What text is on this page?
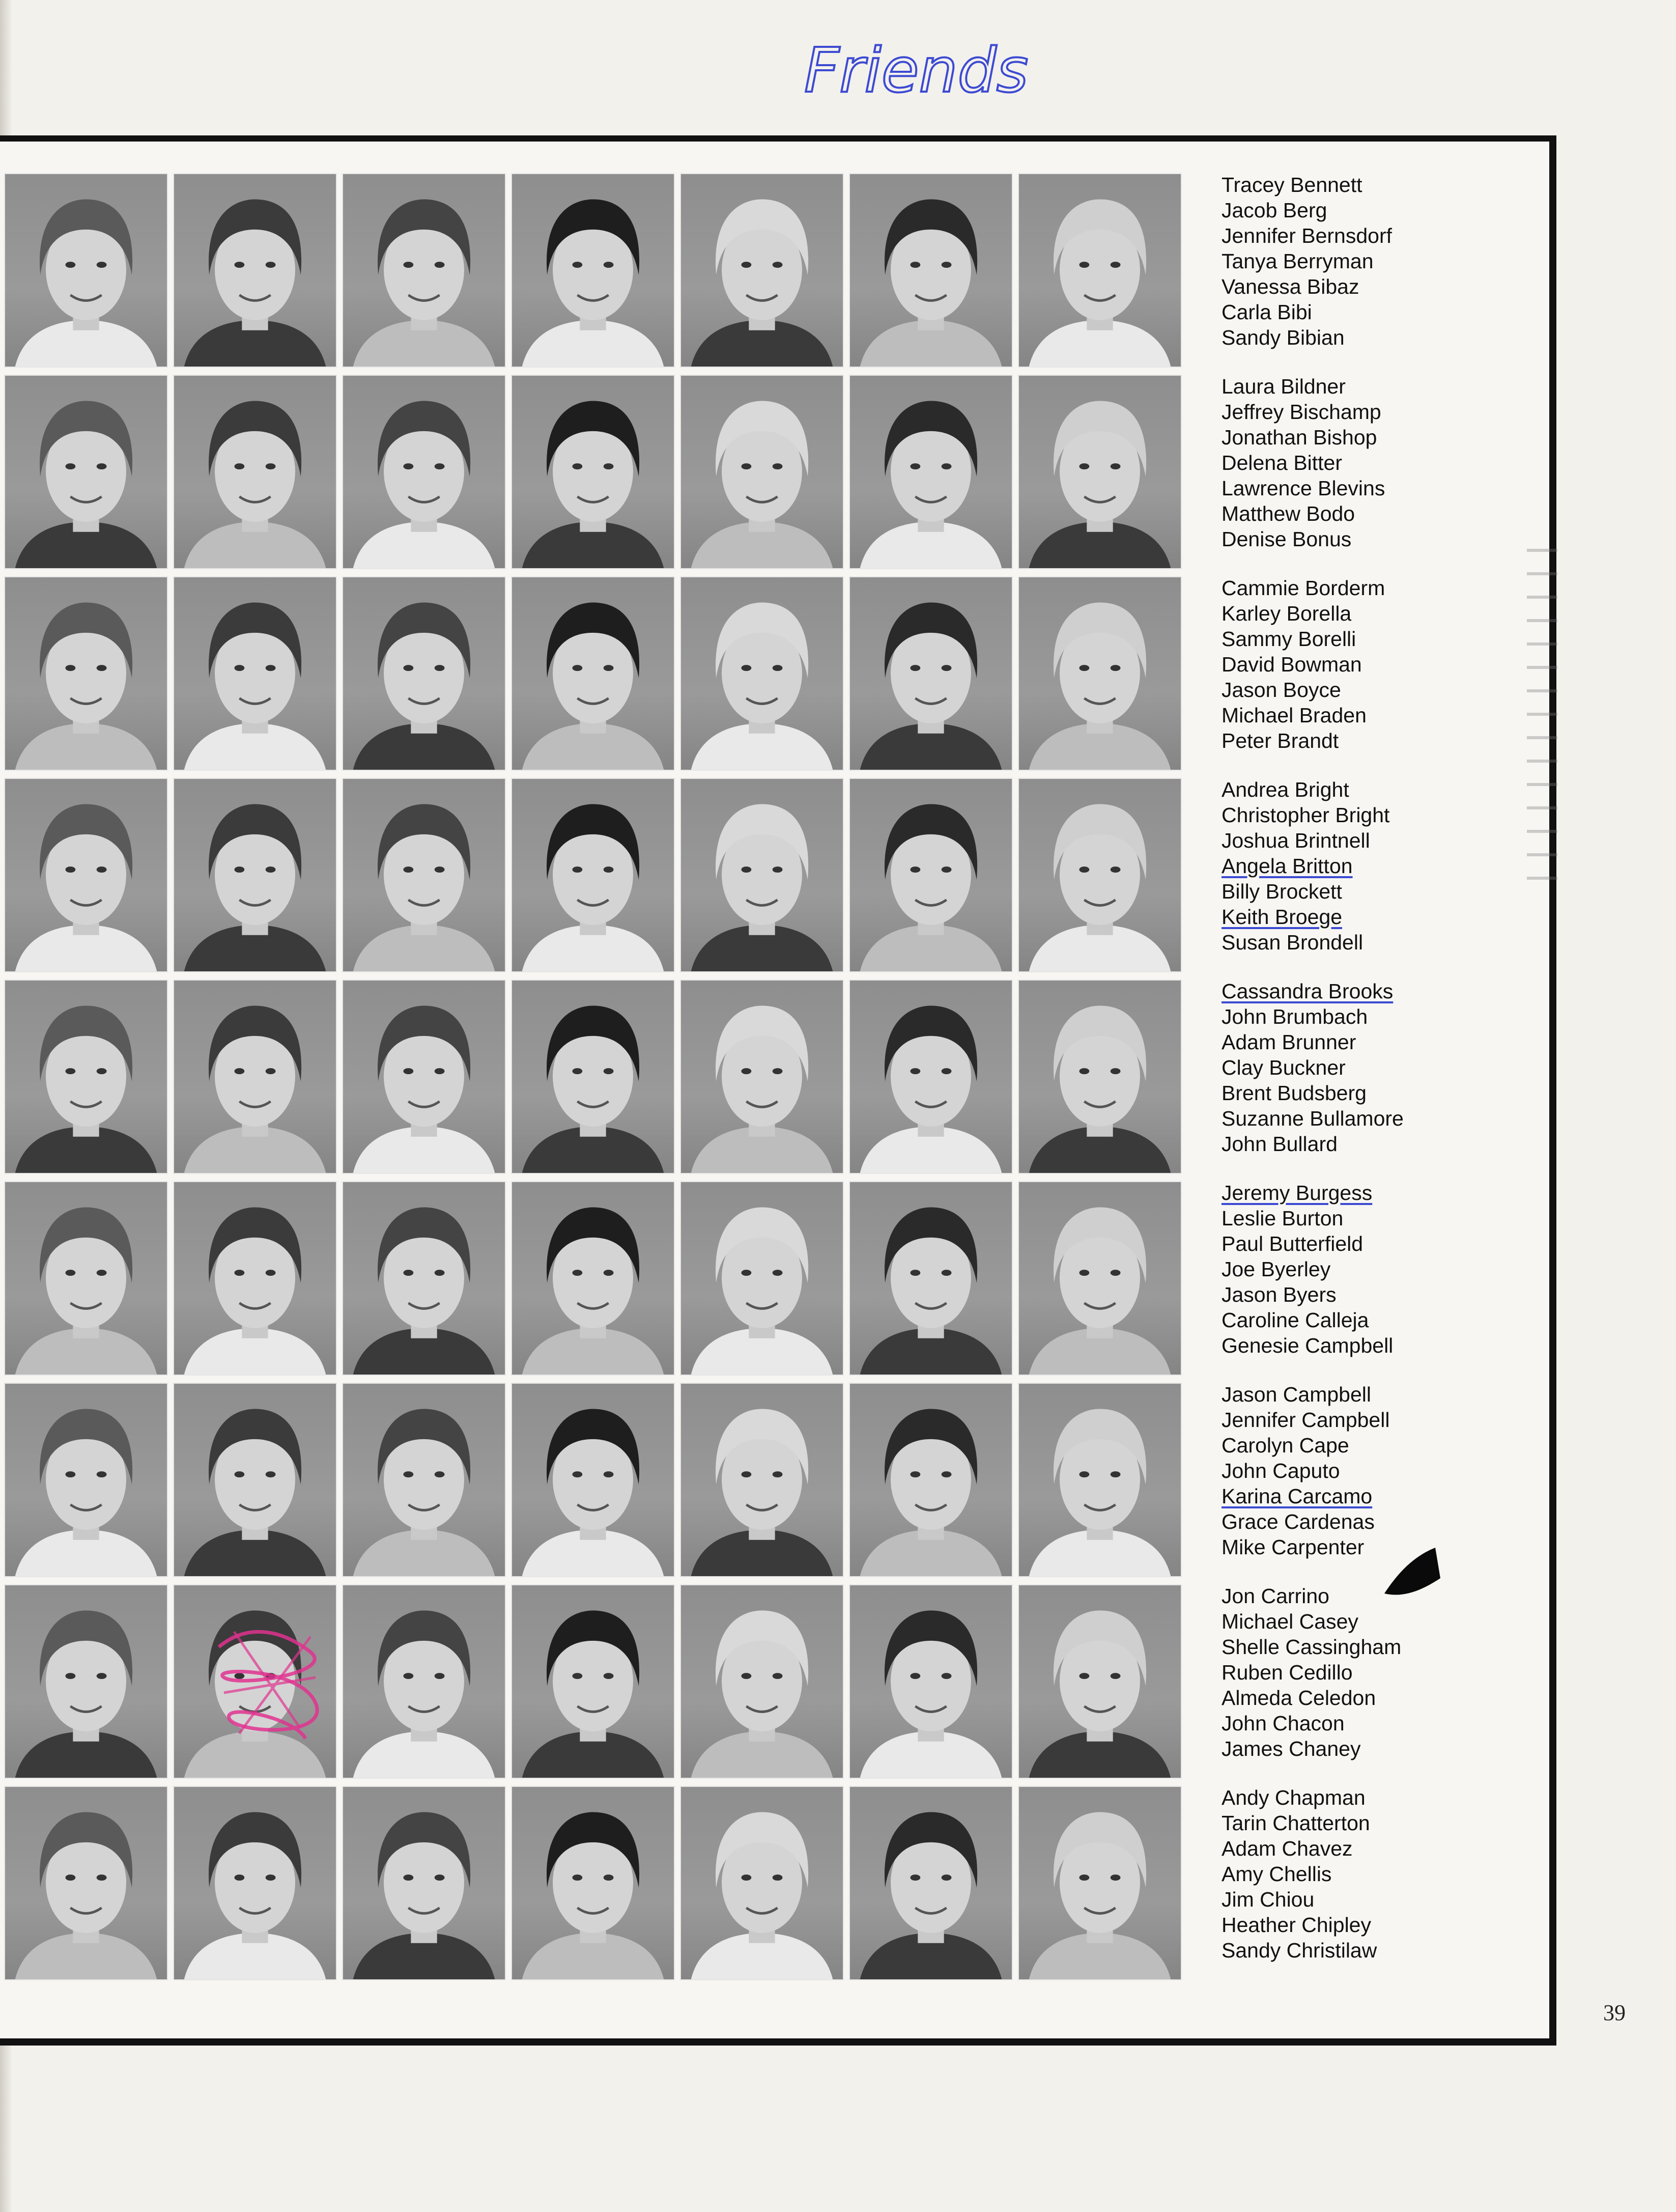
Friends
Tracey Bennett
Jacob Berg
Jennifer Bernsdorf
Tanya Berryman
Vanessa Bibaz
Carla Bibi
Sandy Bibian
Laura Bildner
Jeffrey Bischamp
Jonathan Bishop
Delena Bitter
Lawrence Blevins
Matthew Bodo
Denise Bonus
Cammie Borderm
Karley Borella
Sammy Borelli
David Bowman
Jason Boyce
Michael Braden
Peter Brandt
Andrea Bright
Christopher Bright
Joshua Brintnell
Angela Britton
Billy Brockett
Keith Broege
Susan Brondell
Cassandra Brooks
John Brumbach
Adam Brunner
Clay Buckner
Brent Budsberg
Suzanne Bullamore
John Bullard
Jeremy Burgess
Leslie Burton
Paul Butterfield
Joe Byerley
Jason Byers
Caroline Calleja
Genesie Campbell
Jason Campbell
Jennifer Campbell
Carolyn Cape
John Caputo
Karina Carcamo
Grace Cardenas
Mike Carpenter
Jon Carrino
Michael Casey
Shelle Cassingham
Ruben Cedillo
Almeda Celedon
John Chacon
James Chaney
Andy Chapman
Tarin Chatterton
Adam Chavez
Amy Chellis
Jim Chiou
Heather Chipley
Sandy Christilaw
39
